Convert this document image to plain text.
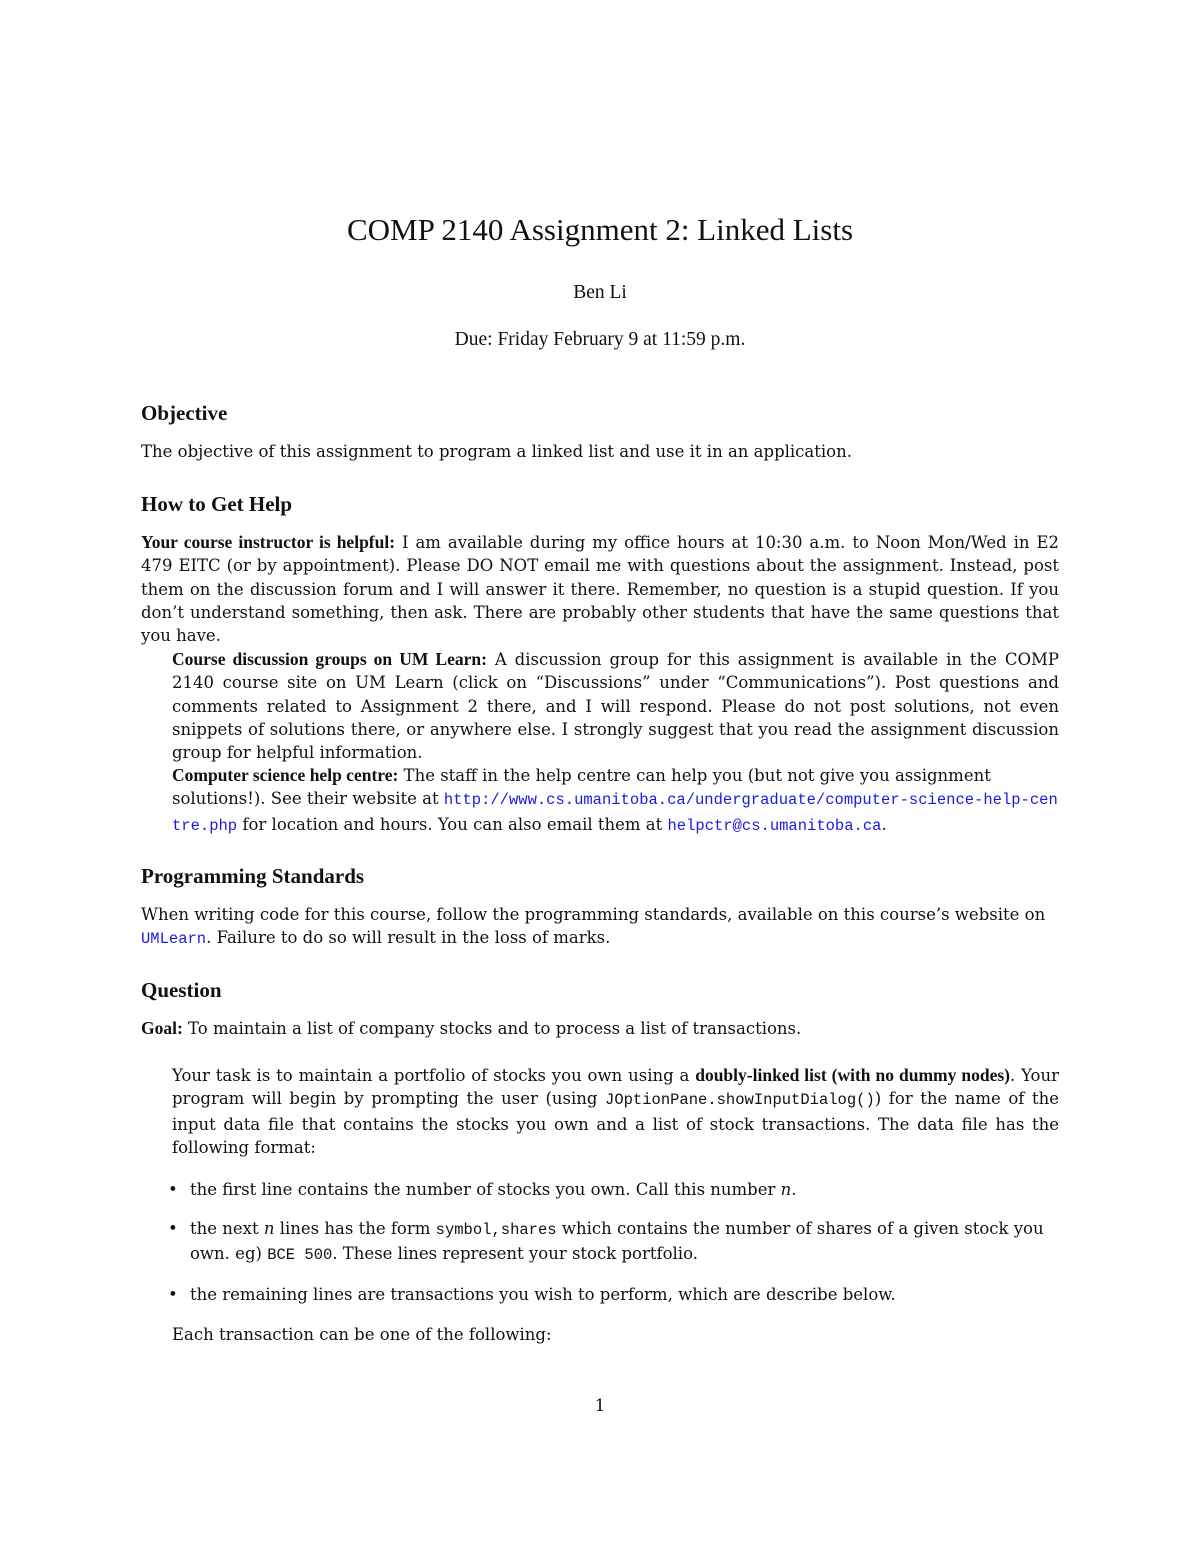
COMP 2140 Assignment 2: Linked Lists
Ben Li
Due: Friday February 9 at 11:59 p.m.
Objective

The objective of this assignment to program a linked list and use it in an application.

How to Get Help

Your course instructor is helpful: I am available during my office hours at 10:30 a.m. to Noon Mon/Wed in E2 479 EITC (or by appointment). Please DO NOT email me with questions about the assignment. Instead, post them on the discussion forum and I will answer it there. Remember, no question is a stupid question. If you don’t understand something, then ask. There are probably other students that have the same questions that you have.

Course discussion groups on UM Learn: A discussion group for this assignment is available in the COMP 2140 course site on UM Learn (click on “Discussions” under “Communications”). Post questions and comments related to Assignment 2 there, and I will respond. Please do not post solutions, not even snippets of solutions there, or anywhere else. I strongly suggest that you read the assignment discussion group for helpful information.

Computer science help centre: The staff in the help centre can help you (but not give you assignment solutions!). See their website at http://www.cs.umanitoba.ca/undergraduate/computer-science-help-centre.php for location and hours. You can also email them at helpctr@cs.umanitoba.ca.

Programming Standards

When writing code for this course, follow the programming standards, available on this course’s website on UMLearn. Failure to do so will result in the loss of marks.

Question

Goal: To maintain a list of company stocks and to process a list of transactions.

Your task is to maintain a portfolio of stocks you own using a doubly-linked list (with no dummy nodes). Your program will begin by prompting the user (using JOptionPane.showInputDialog()) for the name of the input data file that contains the stocks you own and a list of stock transactions. The data file has the following format:

• the first line contains the number of stocks you own. Call this number n.
• the next n lines has the form symbol,shares which contains the number of shares of a given stock you own. eg) BCE 500. These lines represent your stock portfolio.
• the remaining lines are transactions you wish to perform, which are describe below.

Each transaction can be one of the following:

1
